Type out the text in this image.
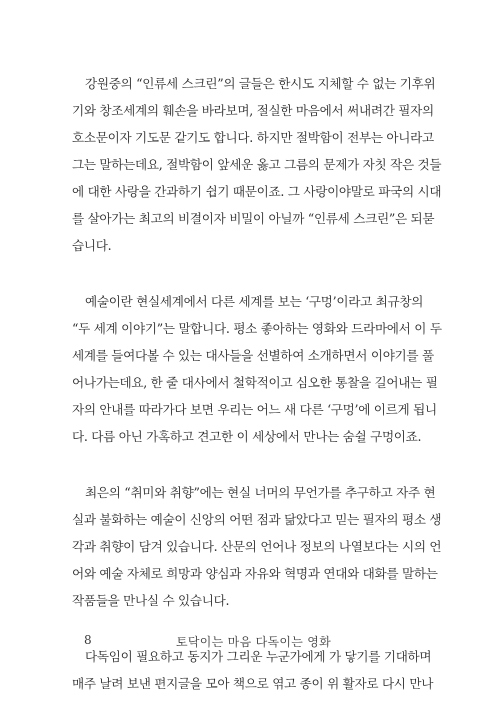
강원중의 “인류세 스크린”의 글들은 한시도 지체할 수 없는 기후위
기와 창조세계의 훼손을 바라보며, 절실한 마음에서 써내려간 필자의
호소문이자 기도문 같기도 합니다. 하지만 절박함이 전부는 아니라고
그는 말하는데요, 절박함이 앞세운 옳고 그름의 문제가 자칫 작은 것들
에 대한 사랑을 간과하기 쉽기 때문이죠. 그 사랑이야말로 파국의 시대
를 살아가는 최고의 비결이자 비밀이 아닐까 “인류세 스크린”은 되묻
습니다.
예술이란 현실세계에서 다른 세계를 보는 ‘구멍’이라고 최규창의
“두 세계 이야기”는 말합니다. 평소 좋아하는 영화와 드라마에서 이 두
세계를 들여다볼 수 있는 대사들을 선별하여 소개하면서 이야기를 풀
어나가는데요, 한 줄 대사에서 철학적이고 심오한 통찰을 길어내는 필
자의 안내를 따라가다 보면 우리는 어느 새 다른 ‘구멍’에 이르게 됩니
다. 다름 아닌 가혹하고 견고한 이 세상에서 만나는 숨쉴 구멍이죠.
최은의 “취미와 취향”에는 현실 너머의 무언가를 추구하고 자주 현
실과 불화하는 예술이 신앙의 어떤 점과 닮았다고 믿는 필자의 평소 생
각과 취향이 담겨 있습니다. 산문의 언어나 정보의 나열보다는 시의 언
어와 예술 자체로 희망과 양심과 자유와 혁명과 연대와 대화를 말하는
작품들을 만나실 수 있습니다.
다독임이 필요하고 동지가 그리운 누군가에게 가 닿기를 기대하며
매주 날려 보낸 편지글을 모아 책으로 엮고 종이 위 활자로 다시 만나
8	토닥이는 마음 다독이는 영화
